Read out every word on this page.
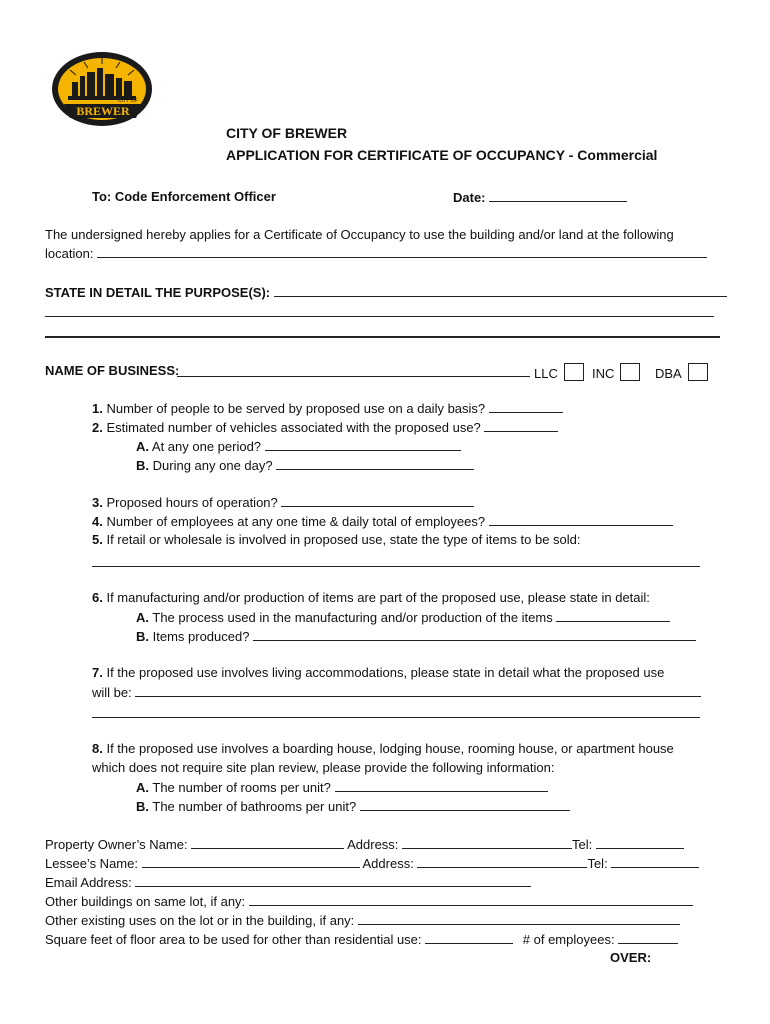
CITY OF
BREWER
CITY OF BREWER
APPLICATION FOR CERTIFICATE OF OCCUPANCY - Commercial
To: Code Enforcement Officer	Date:
The undersigned hereby applies for a Certificate of Occupancy to use the building and/or land at the following
location:
STATE IN DETAIL THE PURPOSE(S):
NAME OF BUSINESS:	LLC	INC	DBA
1. Number of people to be served by proposed use on a daily basis?
2. Estimated number of vehicles associated with the proposed use?
A. At any one period?
B. During any one day?
3. Proposed hours of operation?
4. Number of employees at any one time & daily total of employees?
5. If retail or wholesale is involved in proposed use, state the type of items to be sold:
6. If manufacturing and/or production of items are part of the proposed use, please state in detail:
A. The process used in the manufacturing and/or production of the items
B. Items produced?
7. If the proposed use involves living accommodations, please state in detail what the proposed use
will be:
8. If the proposed use involves a boarding house, lodging house, rooming house, or apartment house
which does not require site plan review, please provide the following information:
A. The number of rooms per unit?
B. The number of bathrooms per unit?
Property Owner’s Name:	Address:	Tel:
Lessee’s Name:	Address:	Tel:
Email Address:
Other buildings on same lot, if any:
Other existing uses on the lot or in the building, if any:
Square feet of floor area to be used for other than residential use:	# of employees:
OVER:
